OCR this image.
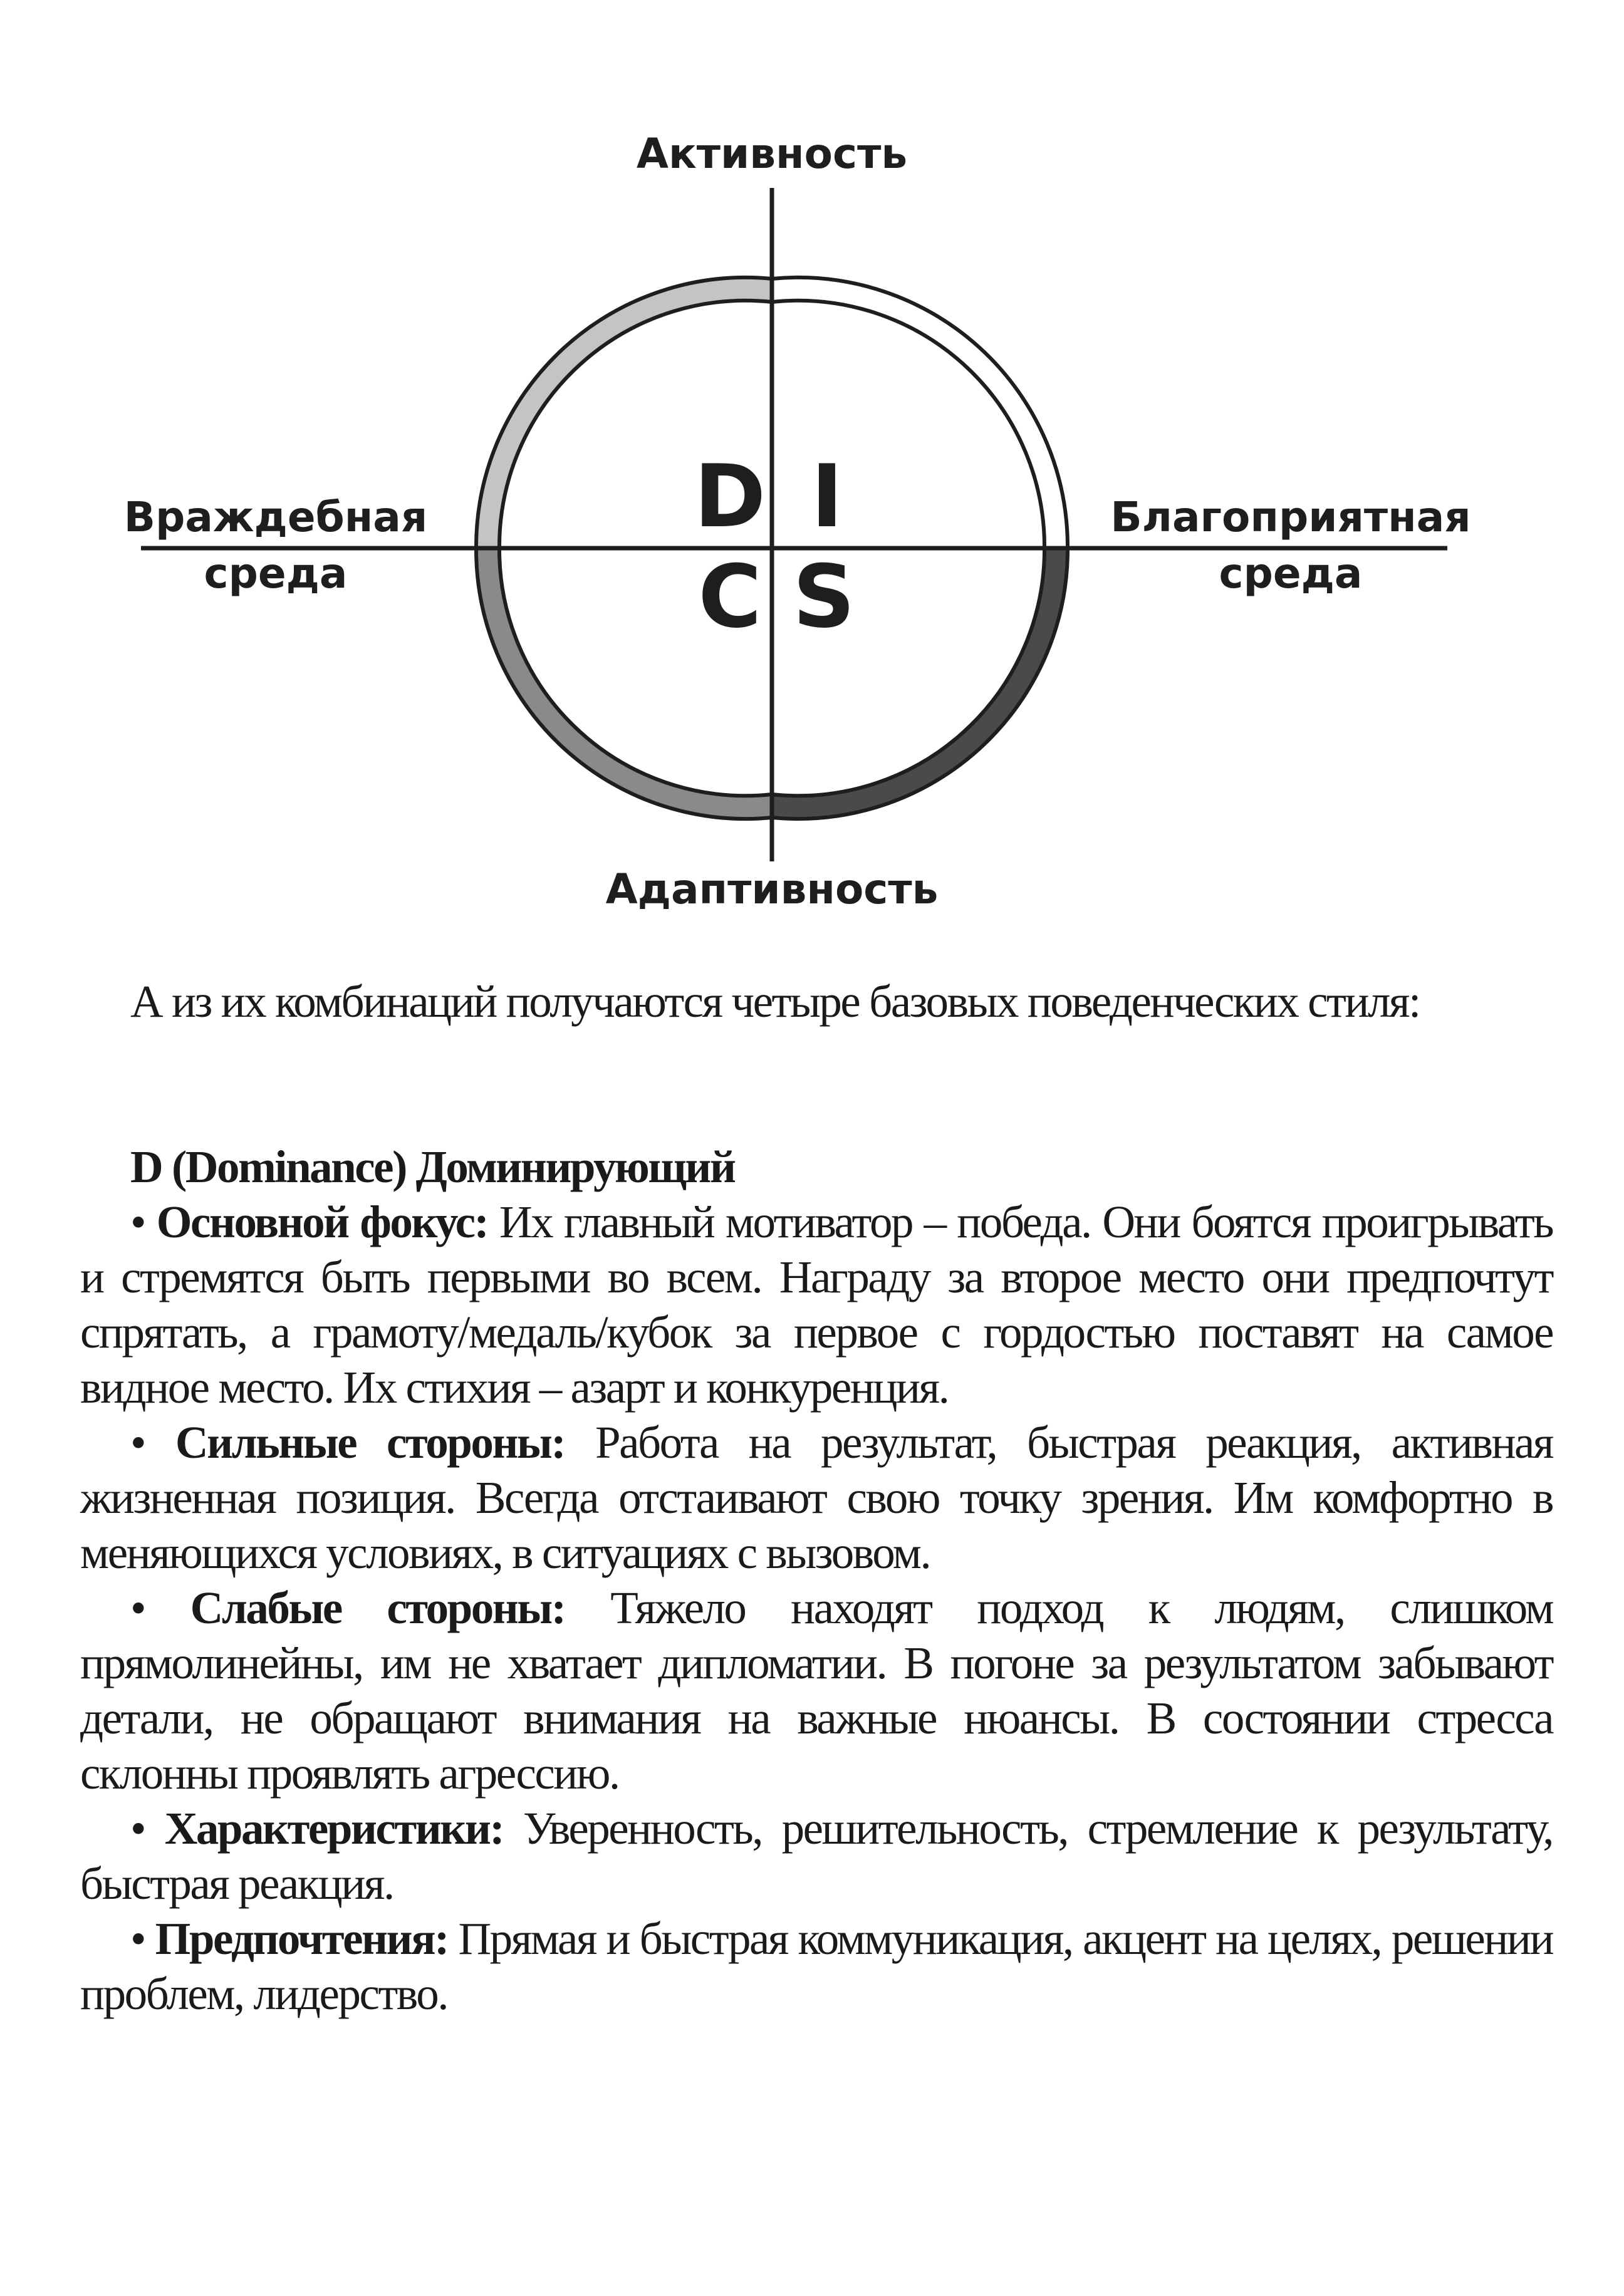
Активность
Адаптивность
Враждебная
среда
Благоприятная
среда
D I
C S

А из их комбинаций получаются четыре базовых поведенческих стиля:

D (Dominance) Доминирующий

• Основной фокус: Их главный мотиватор – победа. Они боятся проигрывать и стремятся быть первыми во всем. Награду за второе место они предпочтут спрятать, а грамоту/медаль/кубок за первое с гордостью поставят на самое видное место. Их стихия – азарт и конкуренция.

• Сильные стороны: Работа на результат, быстрая реакция, активная жизненная позиция. Всегда отстаивают свою точку зрения. Им комфортно в меняющихся условиях, в ситуациях с вызовом.

• Слабые стороны: Тяжело находят подход к людям, слишком прямолинейны, им не хватает дипломатии. В погоне за результатом забывают детали, не обращают внимания на важные нюансы. В состоянии стресса склонны проявлять агрессию.

• Характеристики: Уверенность, решительность, стремление к результату, быстрая реакция.

• Предпочтения: Прямая и быстрая коммуникация, акцент на целях, решении проблем, лидерство.
